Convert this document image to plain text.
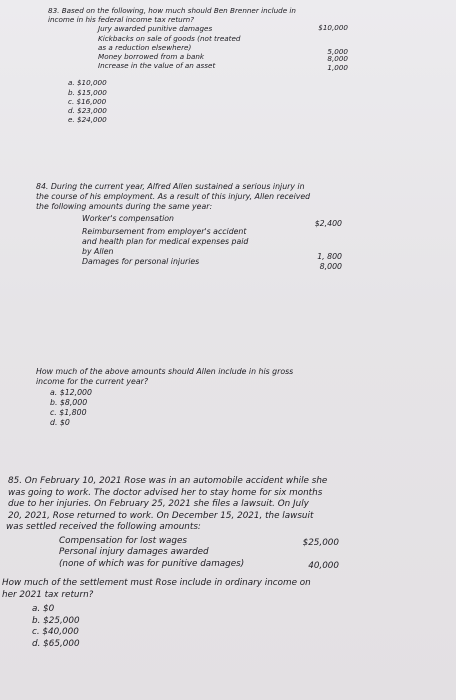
83. Based on the following, how much should Ben Brenner include in

income in his federal income tax return?

Jury awarded punitive damages	$10,000
Kickbacks on sale of goods (not treated
as a reduction elsewhere)	5,000
Money borrowed from a bank	8,000
Increase in the value of an asset	1,000
a. $10,000
b. $15,000
c. $16,000
d. $23,000
e. $24,000

84. During the current year, Alfred Allen sustained a serious injury in

the course of his employment. As a result of this injury, Allen received

the following amounts during the same year:

Worker's compensation
$2,400
Reimbursement from employer's accident
and health plan for medical expenses paid
by Allen
1, 800
Damages for personal injuries
8,000

How much of the above amounts should Allen include in his gross

income for the current year?

a. $12,000
b. $8,000
c. $1,800
d. $0

85. On February 10, 2021 Rose was in an automobile accident while she

was going to work. The doctor advised her to stay home for six months

due to her injuries. On February 25, 2021 she files a lawsuit. On July

20, 2021, Rose returned to work. On December 15, 2021, the lawsuit

was settled received the following amounts:

Compensation for lost wages	$25,000
Personal injury damages awarded
(none of which was for punitive damages)	40,000

How much of the settlement must Rose include in ordinary income on

her 2021 tax return?

a. $0
b. $25,000
c. $40,000
d. $65,000
